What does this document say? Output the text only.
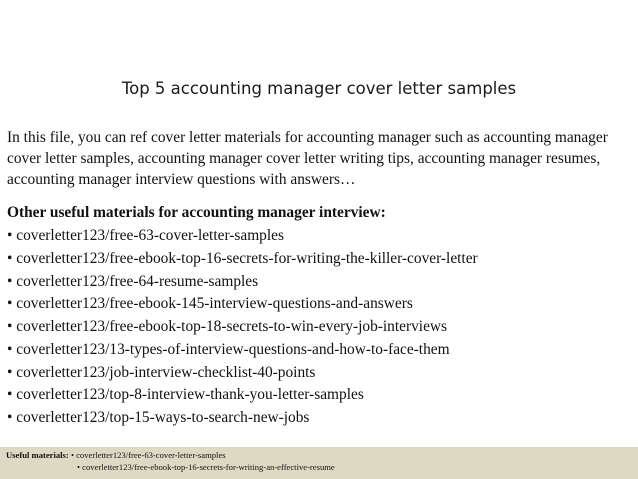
Top 5 accounting manager cover letter samples
In this file, you can ref cover letter materials for accounting manager such as accounting manager cover letter samples, accounting manager cover letter writing tips, accounting manager resumes, accounting manager interview questions with answers…
Other useful materials for accounting manager interview:
• coverletter123/free-63-cover-letter-samples
• coverletter123/free-ebook-top-16-secrets-for-writing-the-killer-cover-letter
• coverletter123/free-64-resume-samples
• coverletter123/free-ebook-145-interview-questions-and-answers
• coverletter123/free-ebook-top-18-secrets-to-win-every-job-interviews
• coverletter123/13-types-of-interview-questions-and-how-to-face-them
• coverletter123/job-interview-checklist-40-points
• coverletter123/top-8-interview-thank-you-letter-samples
• coverletter123/top-15-ways-to-search-new-jobs
Useful materials: • coverletter123/free-63-cover-letter-samples
• coverletter123/free-ebook-top-16-secrets-for-writing-an-effective-resume
